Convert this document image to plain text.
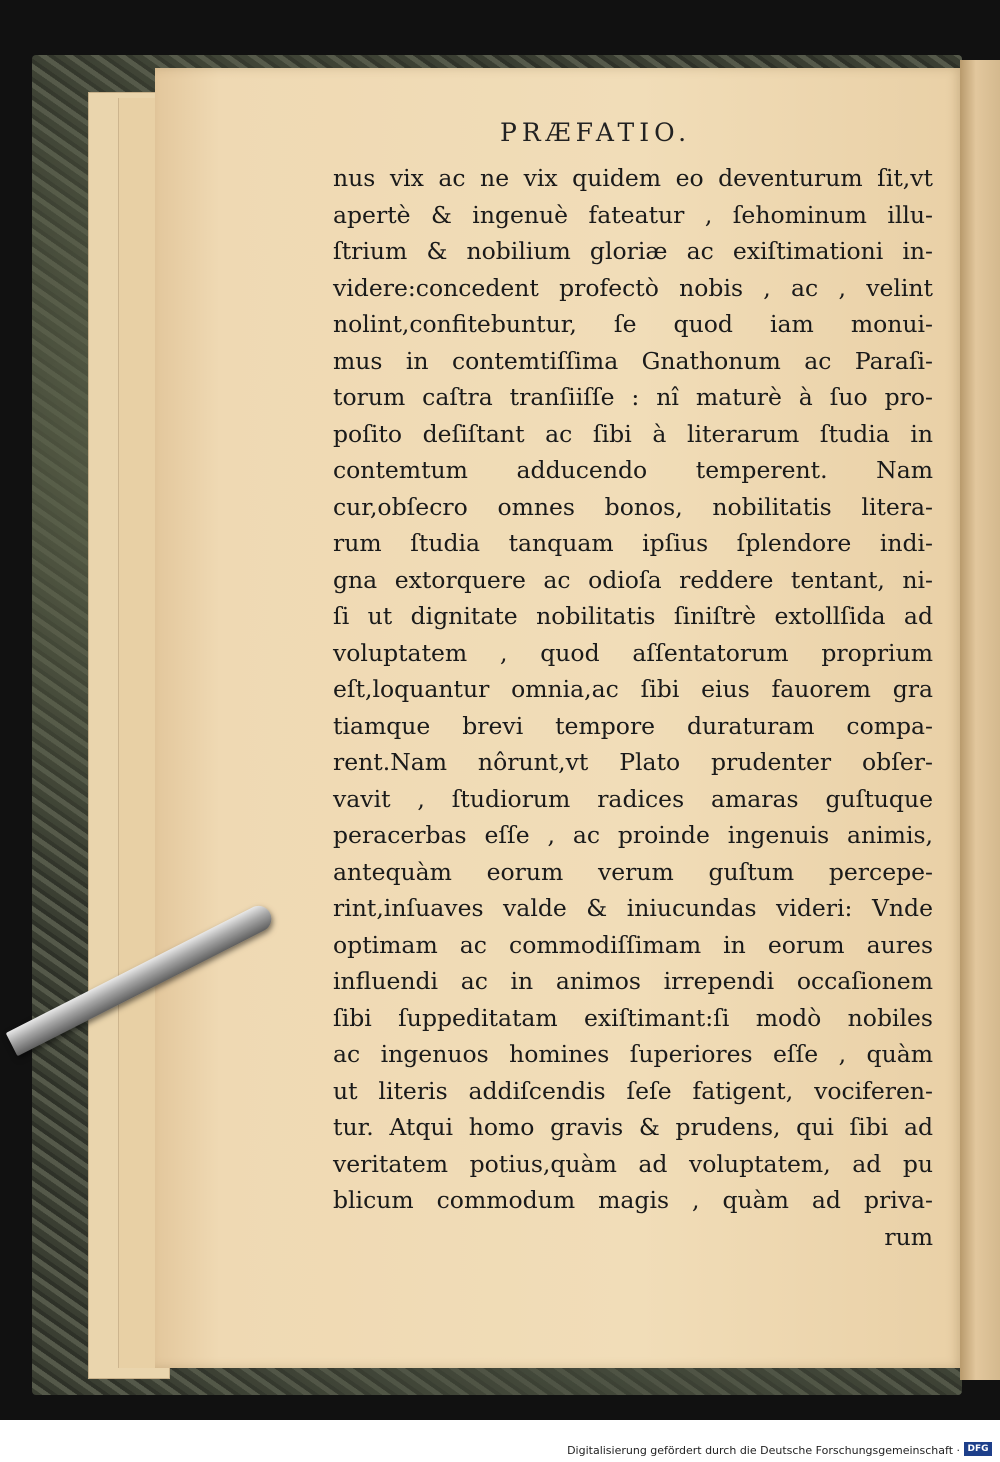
PRÆFATIO.
nus vix ac ne vix quidem eo deventurum ſit,vt
apertè & ingenuè fateatur , ſehominum illu-
ſtrium & nobilium gloriæ ac exiſtimationi in-
videre:concedent profectò nobis , ac , velint
nolint,confitebuntur, ſe quod iam monui-
mus in contemtiſſima Gnathonum ac Paraſi-
torum caſtra tranſiiſſe : nî maturè à ſuo pro-
poſito deſiſtant ac ſibi à literarum ſtudia in
contemtum adducendo temperent. Nam
cur,obſecro omnes bonos, nobilitatis litera-
rum ſtudia tanquam ipſius ſplendore indi-
gna extorquere ac odioſa reddere tentant, ni-
ſi ut dignitate nobilitatis ſiniſtrè extollſida ad
voluptatem , quod aſſentatorum proprium
eſt,loquantur omnia,ac ſibi eius fauorem gra
tiamque brevi tempore duraturam compa-
rent.Nam nôrunt,vt Plato prudenter obſer-
vavit , ſtudiorum radices amaras guſtuque
peracerbas eſſe , ac proinde ingenuis animis,
antequàm eorum verum guſtum percepe-
rint,inſuaves valde & iniucundas videri: Vnde
optimam ac commodiſſimam in eorum aures
influendi ac in animos irrependi occaſionem
ſibi ſuppeditatam exiſtimant:ſi modò nobiles
ac ingenuos homines ſuperiores eſſe , quàm
ut literis addiſcendis ſeſe fatigent, vociferen-
tur. Atqui homo gravis & prudens, qui ſibi ad
veritatem potius,quàm ad voluptatem, ad pu
blicum commodum magis , quàm ad priva-
rum
Digitalisierung gefördert durch die Deutsche Forschungsgemeinschaft · DFG
